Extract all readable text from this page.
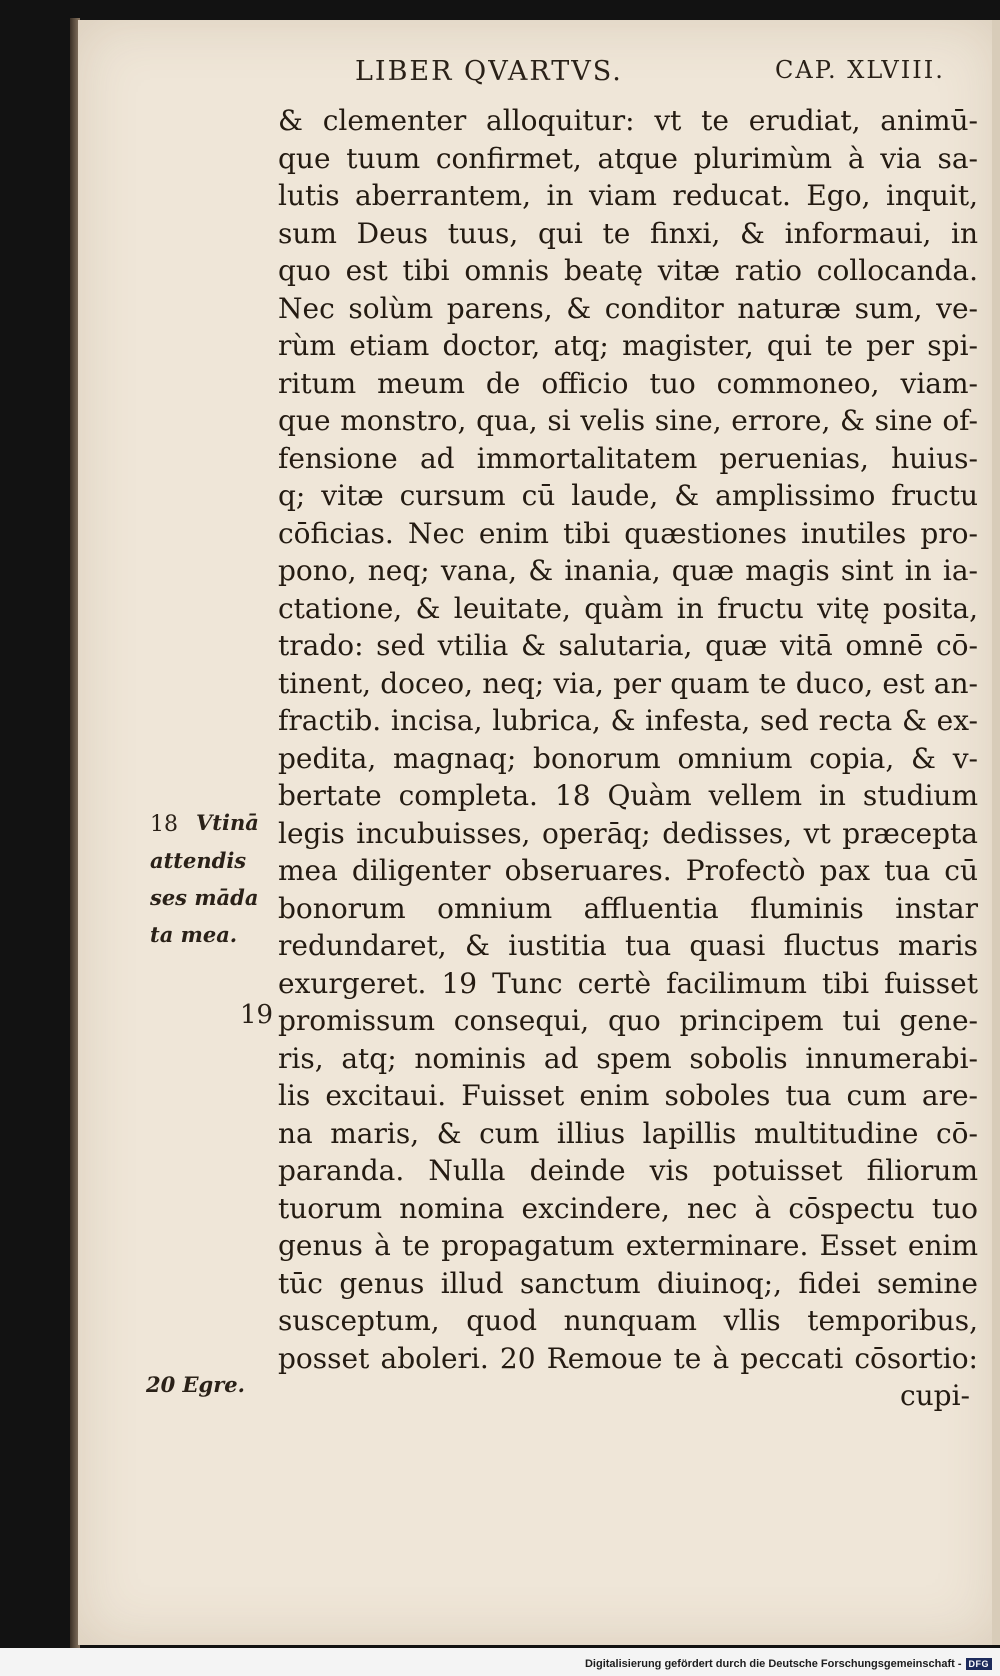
LIBER QVARTVS.	CAP. XLVIII.
& clementer alloquitur: vt te erudiat, animū-
que tuum confirmet, atque plurimùm à via sa-
lutis aberrantem, in viam reducat. Ego, inquit,
sum Deus tuus, qui te finxi, & informaui, in
quo est tibi omnis beatę vitæ ratio collocanda.
Nec solùm parens, & conditor naturæ sum, ve-
rùm etiam doctor, atq; magister, qui te per spi-
ritum meum de officio tuo commoneo, viam-
que monstro, qua, si velis sine, errore, & sine of-
fensione ad immortalitatem peruenias, huius-
q; vitæ cursum cū laude, & amplissimo fructu
cōficias. Nec enim tibi quæstiones inutiles pro-
pono, neq; vana, & inania, quæ magis sint in ia-
ctatione, & leuitate, quàm in fructu vitę posita,
trado: sed vtilia & salutaria, quæ vitā omnē cō-
tinent, doceo, neq; via, per quam te duco, est an-
fractib. incisa, lubrica, & infesta, sed recta & ex-
pedita, magnaq; bonorum omnium copia, & v-
bertate completa. 18 Quàm vellem in studium
legis incubuisses, operāq; dedisses, vt præcepta
mea diligenter obseruares. Profectò pax tua cū
bonorum omnium affluentia fluminis instar
redundaret, & iustitia tua quasi fluctus maris
exurgeret. 19 Tunc certè facilimum tibi fuisset
promissum consequi, quo principem tui gene-
ris, atq; nominis ad spem sobolis innumerabi-
lis excitaui. Fuisset enim soboles tua cum are-
na maris, & cum illius lapillis multitudine cō-
paranda. Nulla deinde vis potuisset filiorum
tuorum nomina excindere, nec à cōspectu tuo
genus à te propagatum exterminare. Esset enim
tūc genus illud sanctum diuinoq;, fidei semine
susceptum, quod nunquam vllis temporibus,
posset aboleri. 20 Remoue te à peccati cōsortio:
cupi-
18 Vtinā
attendis
ses māda
ta mea.
19
20 Egre.
Digitalisierung gefördert durch die Deutsche Forschungsgemeinschaft - DFG
